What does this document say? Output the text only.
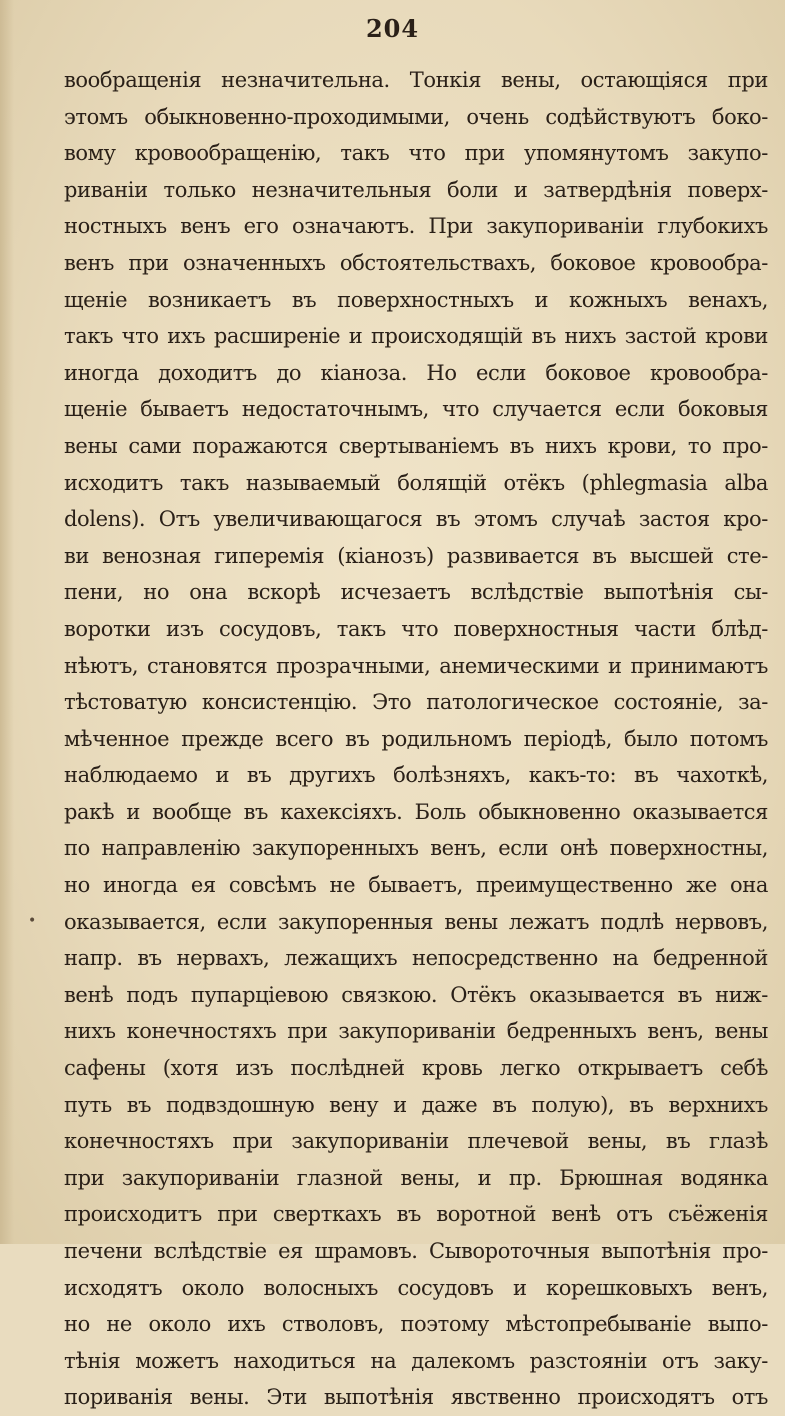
204
•
вообращенія незначительна. Тонкія вены, остающіяся при
этомъ обыкновенно-проходимыми, очень содѣйствуютъ боко-
вому кровообращенію, такъ что при упомянутомъ закупо-
риваніи только незначительныя боли и затвердѣнія поверх-
ностныхъ венъ его означаютъ. При закупориваніи глубокихъ
венъ при означенныхъ обстоятельствахъ, боковое кровообра-
щеніе возникаетъ въ поверхностныхъ и кожныхъ венахъ,
такъ что ихъ расширеніе и происходящій въ нихъ застой крови
иногда доходитъ до кіаноза. Но если боковое кровообра-
щеніе бываетъ недостаточнымъ, что случается если боковыя
вены сами поражаются свертываніемъ въ нихъ крови, то про-
исходитъ такъ называемый болящій отёкъ (phlegmasia alba
dolens). Отъ увеличивающагося въ этомъ случаѣ застоя кро-
ви венозная гиперемія (кіанозъ) развивается въ высшей сте-
пени, но она вскорѣ исчезаетъ вслѣдствіе выпотѣнія сы-
воротки изъ сосудовъ, такъ что поверхностныя части блѣд-
нѣютъ, становятся прозрачными, анемическими и принимаютъ
тѣстоватую консистенцію. Это патологическое состояніе, за-
мѣченное прежде всего въ родильномъ періодѣ, было потомъ
наблюдаемо и въ другихъ болѣзняхъ, какъ-то: въ чахоткѣ,
ракѣ и вообще въ кахексіяхъ. Боль обыкновенно оказывается
по направленію закупоренныхъ венъ, если онѣ поверхностны,
но иногда ея совсѣмъ не бываетъ, преимущественно же она
оказывается, если закупоренныя вены лежатъ подлѣ нервовъ,
напр. въ нервахъ, лежащихъ непосредственно на бедренной
венѣ подъ пупарціевою связкою. Отёкъ оказывается въ ниж-
нихъ конечностяхъ при закупориваніи бедренныхъ венъ, вены
сафены (хотя изъ послѣдней кровь легко открываетъ себѣ
путь въ подвздошную вену и даже въ полую), въ верхнихъ
конечностяхъ при закупориваніи плечевой вены, въ глазѣ
при закупориваніи глазной вены, и пр. Брюшная водянка
происходитъ при сверткахъ въ воротной венѣ отъ съёженія
печени вслѣдствіе ея шрамовъ. Сывороточныя выпотѣнія про-
исходятъ около волосныхъ сосудовъ и корешковыхъ венъ,
но не около ихъ стволовъ, поэтому мѣстопребываніе выпо-
тѣнія можетъ находиться на далекомъ разстояніи отъ заку-
пориванія вены. Эти выпотѣнія явственно происходятъ отъ
